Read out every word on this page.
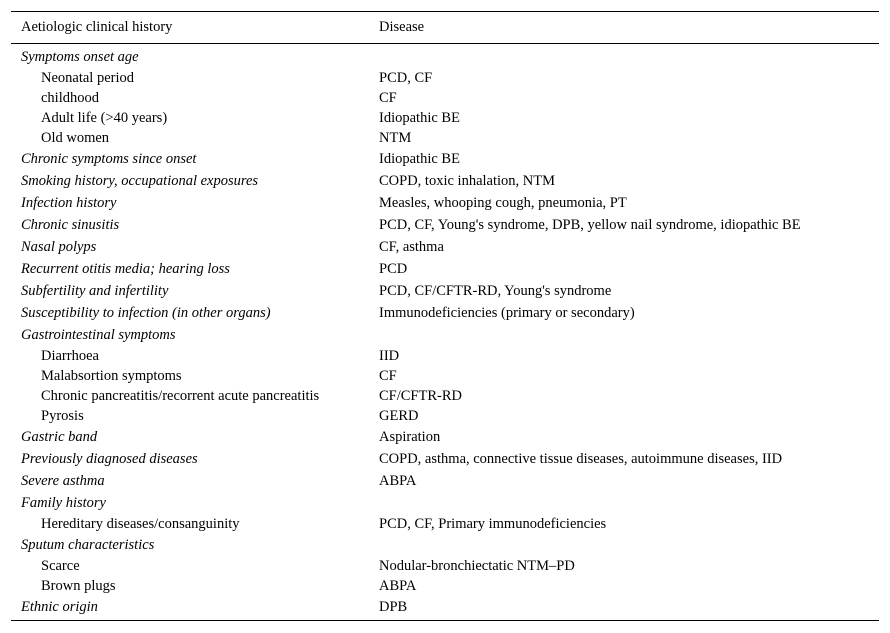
Aetiologic clinical history	Disease
Symptoms onset age
Neonatal period	PCD, CF
childhood	CF
Adult life (>40 years)	Idiopathic BE
Old women	NTM
Chronic symptoms since onset	Idiopathic BE
Smoking history, occupational exposures	COPD, toxic inhalation, NTM
Infection history	Measles, whooping cough, pneumonia, PT
Chronic sinusitis	PCD, CF, Young's syndrome, DPB, yellow nail syndrome, idiopathic BE
Nasal polyps	CF, asthma
Recurrent otitis media; hearing loss	PCD
Subfertility and infertility	PCD, CF/CFTR-RD, Young's syndrome
Susceptibility to infection (in other organs)	Immunodeficiencies (primary or secondary)
Gastrointestinal symptoms
Diarrhoea	IID
Malabsortion symptoms	CF
Chronic pancreatitis/recorrent acute pancreatitis	CF/CFTR-RD
Pyrosis	GERD
Gastric band	Aspiration
Previously diagnosed diseases	COPD, asthma, connective tissue diseases, autoimmune diseases, IID
Severe asthma	ABPA
Family history
Hereditary diseases/consanguinity	PCD, CF, Primary immunodeficiencies
Sputum characteristics
Scarce	Nodular-bronchiectatic NTM–PD
Brown plugs	ABPA
Ethnic origin	DPB
